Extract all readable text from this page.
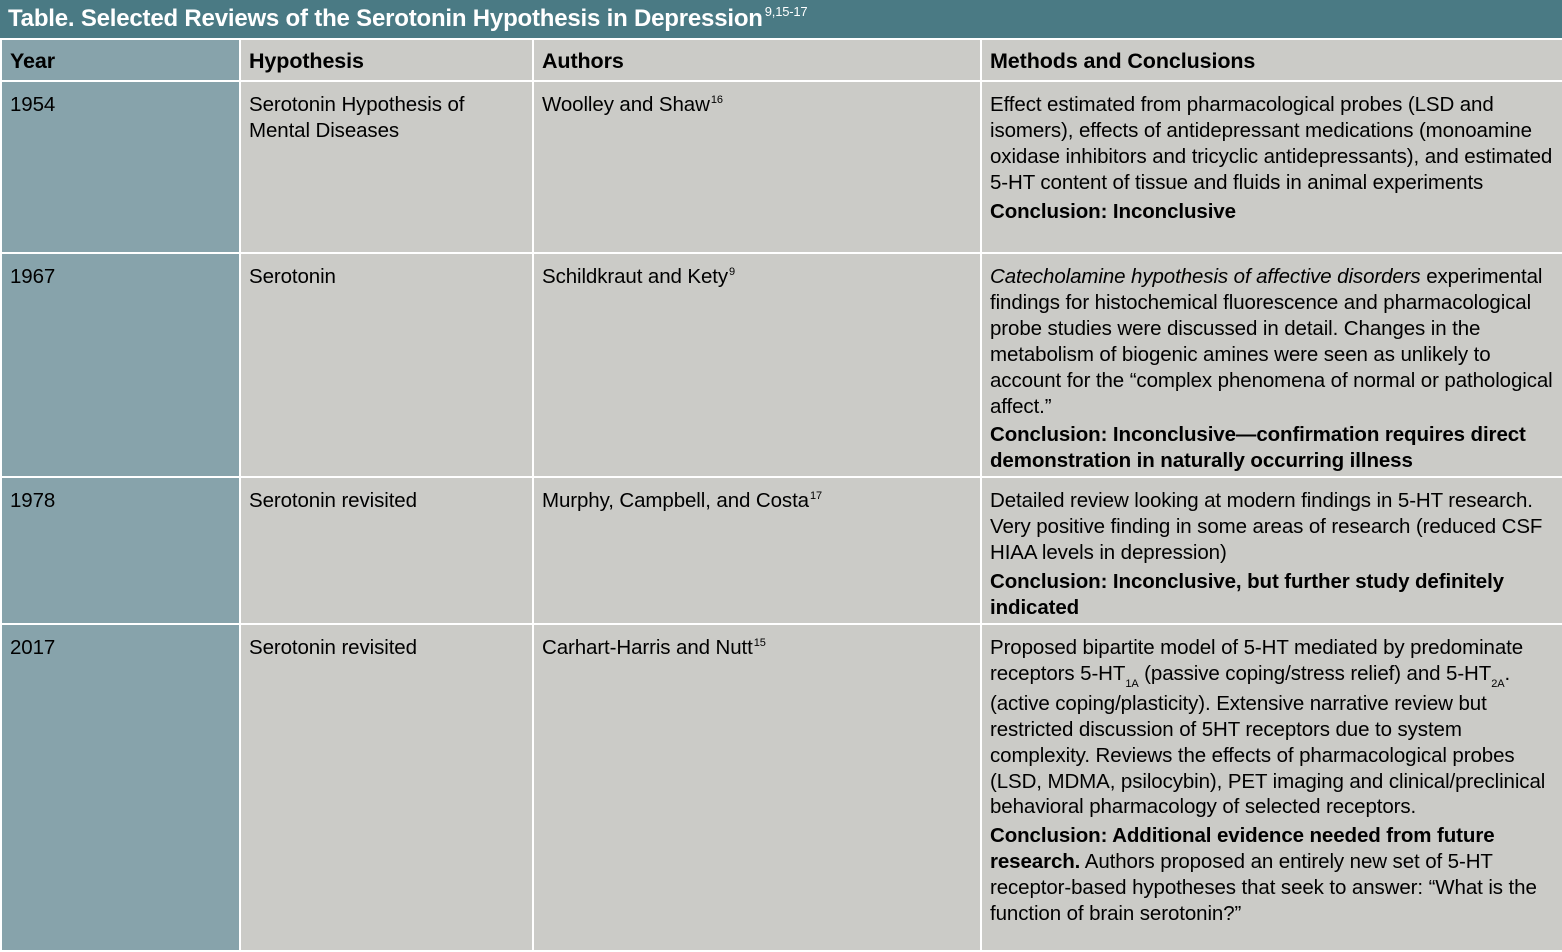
Table. Selected Reviews of the Serotonin Hypothesis in Depression $^{9,15-17}$
Year	Hypothesis	Authors	Methods and Conclusions
1954	Serotonin Hypothesis of Mental Diseases	Woolley and Shaw$^{16}$	Effect estimated from pharmacological probes (LSD and isomers), effects of antidepressant medications (monoamine oxidase inhibitors and tricyclic antidepressants), and estimated 5-HT content of tissue and fluids in animal experiments
Conclusion: Inconclusive

1967	Serotonin	Schildkraut and Kety$^9$	Catecholamine hypothesis of affective disorders experimental findings for histochemical fluorescence and pharmacological probe studies were discussed in detail. Changes in the metabolism of biogenic amines were seen as unlikely to account for the “complex phenomena of normal or pathological affect.”
Conclusion: Inconclusive—confirmation requires direct demonstration in naturally occurring illness

1978	Serotonin revisited	Murphy, Campbell, and Costa$^{17}$	Detailed review looking at modern findings in 5-HT research.  Very positive finding in some areas of research (reduced CSF HIAA levels in depression)
Conclusion: Inconclusive, but further study definitely indicated

2017	Serotonin revisited	Carhart-Harris and Nutt$^{15}$	Proposed bipartite model of 5-HT mediated by predominate receptors $5-HT_{1A}$ (passive coping/stress relief) and $5-HT_{2A}$. (active coping/plasticity). Extensive narrative review but restricted discussion of 5HT receptors due to system complexity. Reviews the effects of pharmacological probes (LSD, MDMA, psilocybin), PET imaging and clinical/preclinical behavioral pharmacology of selected receptors.
Conclusion: Additional evidence needed from future research. Authors proposed an entirely new set of 5-HT receptor-based hypotheses that seek to answer: “What is the function of brain serotonin?”
